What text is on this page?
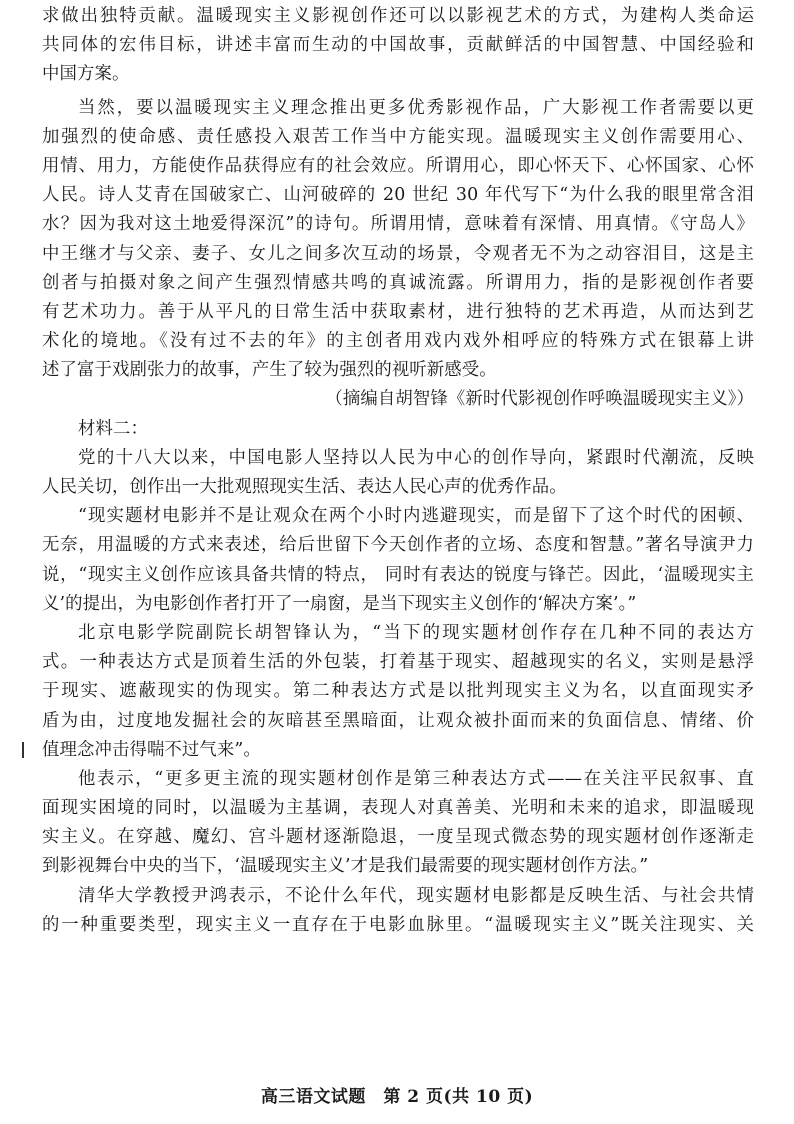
求做出独特贡献。温暖现实主义影视创作还可以以影视艺术的方式，为建构人类命运
共同体的宏伟目标，讲述丰富而生动的中国故事，贡献鲜活的中国智慧、中国经验和
中国方案。
当然，要以温暖现实主义理念推出更多优秀影视作品，广大影视工作者需要以更
加强烈的使命感、责任感投入艰苦工作当中方能实现。温暖现实主义创作需要用心、
用情、用力，方能使作品获得应有的社会效应。所谓用心，即心怀天下、心怀国家、心怀
人民。诗人艾青在国破家亡、山河破碎的 20 世纪 30 年代写下“为什么我的眼里常含泪
水？因为我对这土地爱得深沉”的诗句。所谓用情，意味着有深情、用真情。《守岛人》
中王继才与父亲、妻子、女儿之间多次互动的场景，令观者无不为之动容泪目，这是主
创者与拍摄对象之间产生强烈情感共鸣的真诚流露。所谓用力，指的是影视创作者要
有艺术功力。善于从平凡的日常生活中获取素材，进行独特的艺术再造，从而达到艺
术化的境地。《没有过不去的年》的主创者用戏内戏外相呼应的特殊方式在银幕上讲
述了富于戏剧张力的故事，产生了较为强烈的视听新感受。
（摘编自胡智锋《新时代影视创作呼唤温暖现实主义》）
材料二：
党的十八大以来，中国电影人坚持以人民为中心的创作导向，紧跟时代潮流，反映
人民关切，创作出一大批观照现实生活、表达人民心声的优秀作品。
“现实题材电影并不是让观众在两个小时内逃避现实，而是留下了这个时代的困顿、
无奈，用温暖的方式来表述，给后世留下今天创作者的立场、态度和智慧。”著名导演尹力
说，“现实主义创作应该具备共情的特点， 同时有表达的锐度与锋芒。因此，‘温暖现实主
义’的提出，为电影创作者打开了一扇窗，是当下现实主义创作的‘解决方案’。”
北京电影学院副院长胡智锋认为，“当下的现实题材创作存在几种不同的表达方
式。一种表达方式是顶着生活的外包装，打着基于现实、超越现实的名义，实则是悬浮
于现实、遮蔽现实的伪现实。第二种表达方式是以批判现实主义为名，以直面现实矛
盾为由，过度地发掘社会的灰暗甚至黑暗面，让观众被扑面而来的负面信息、情绪、价
值理念冲击得喘不过气来”。
他表示，“更多更主流的现实题材创作是第三种表达方式——在关注平民叙事、直
面现实困境的同时，以温暖为主基调，表现人对真善美、光明和未来的追求，即温暖现
实主义。在穿越、魔幻、宫斗题材逐渐隐退，一度呈现式微态势的现实题材创作逐渐走
到影视舞台中央的当下，‘温暖现实主义’才是我们最需要的现实题材创作方法。”
清华大学教授尹鸿表示，不论什么年代，现实题材电影都是反映生活、与社会共情
的一种重要类型，现实主义一直存在于电影血脉里。“温暖现实主义”既关注现实、关
高三语文试题　第 2 页(共 10 页)
